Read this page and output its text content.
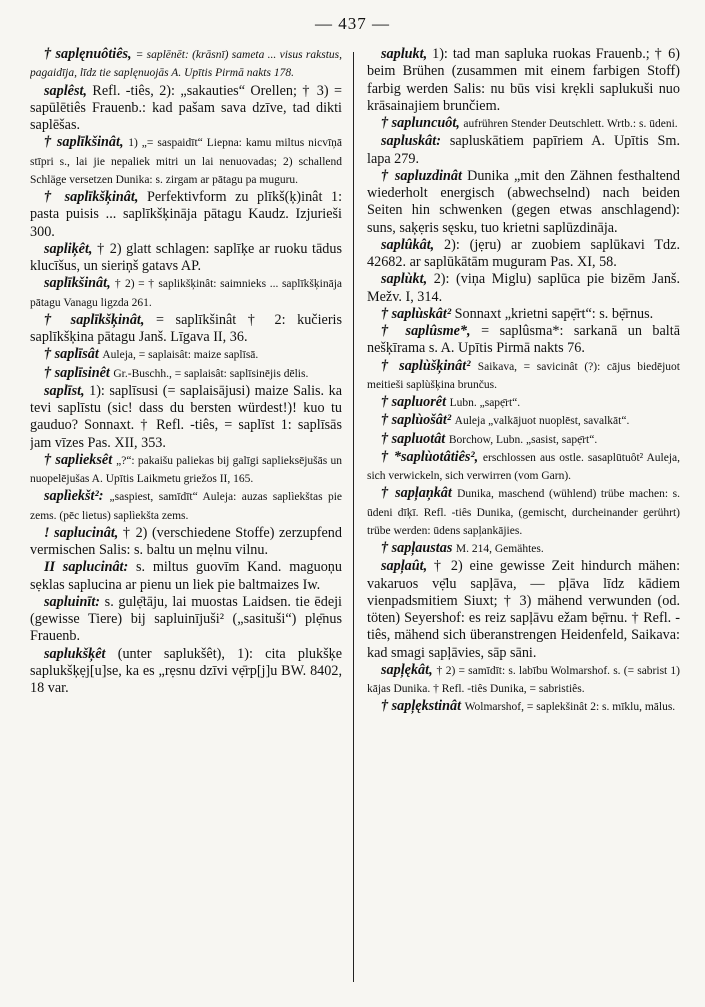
— 437 —

† saplęnuôtiês, = saplēnēt: (krāsnī) sameta ... visus rakstus, pagaidīja, līdz tie saplęnuojās A. Upītis Pirmā nakts 178.

saplêst, Refl. -tiês, 2): „sakauties“ Orellen; † 3) = sapūlētiês Frauenb.: kad pašam sava dzīve, tad dikti saplēšas.

† saplīkšinât, 1) „= saspaidīt“ Liepna: kamu miltus nicvīņā stīpri s., lai jie nepaliek mitri un lai nenuovadas; 2) schallend Schläge versetzen Dunika: s. zirgam ar pātagu pa muguru.

† saplīkšķinât, Perfektivform zu plīkš(ķ)inât 1: pasta puisis ... saplīkšķināja pātagu Kaudz. Izjurieši 300.

sapliķêt, † 2) glatt schlagen: saplīķe ar ruoku tādus klucīšus, un sieriņš gatavs AP.

saplīkšinât, † 2) = † saplikšķinât: saimnieks ... saplīkšķināja pātagu Vanagu ligzda 261.

† saplīkšķinât, = saplīkšinât † 2: kučieris saplīkšķina pātagu Janš. Līgava II, 36.

† saplīsât Auleja, = saplaisât: maize saplīsā.

† saplīsinêt Gr.-Buschh., = saplaisât: saplīsinējis dēlis.

saplīst, 1): saplīsusi (= saplaisājusi) maize Salis. ka tevi saplīstu (sic! dass du bersten würdest!)! kuo tu gauduo? Sonnaxt. † Refl. -tiês, = saplīst 1: saplīsās jam vīzes Pas. XII, 353.

† saplieksêt „?“: pakaišu paliekas bij galīgi saplieksējušās un nuopelējušas A. Upītis Laikmetu griežos II, 165.

saplìekšt²: „saspiest, samīdīt“ Auleja: auzas saplìekštas pie zems. (pēc lietus) saplìekšta zems.

! saplucinât, † 2) (verschiedene Stoffe) zerzupfend vermischen Salis: s. baltu un mẹlnu vilnu.

II saplucinât: s. miltus guovīm Kand. maguoņu sẹklas saplucina ar pienu un liek pie baltmaizes Iw.

sapluinīt: s. gulẹ̄tāju, lai muostas Laidsen. tie ēdeji (gewisse Tiere) bij sapluinījuši² („sasituši“) plẹ̄nus Frauenb.

saplukšķêt (unter saplukšêt), 1): cita plukšķe saplukšķẹj[u]se, ka es „rẹsnu dzīvi vẹ̄rp[j]u BW. 8402, 18 var.

saplukt, 1): tad man sapluka ruokas Frauenb.; † 6) beim Brühen (zusammen mit einem farbigen Stoff) farbig werden Salis: nu būs visi krẹkli saplukuši nuo krāsainajiem brunčiem.

† sapluncuôt, aufrühren Stender Deutschlett. Wrtb.: s. ūdeni.

sapluskât: sapluskātiem papīriem A. Upītis Sm. lapa 279.

† sapluzdinât Dunika „mit den Zähnen festhaltend wiederholt energisch (abwechselnd) nach beiden Seiten hin schwenken (gegen etwas anschlagend): suns, saķẹris sęsku, tuo krietni saplūzdināja.

saplûkât, 2): (jẹru) ar zuobiem saplūkavi Tdz. 42682. ar saplūkātām muguram Pas. XI, 58.

saplùkt, 2): (viņa Miglu) saplūca pie bizēm Janš. Mežv. I, 314.

† saplùskât² Sonnaxt „krietni sapẹ̄rt“: s. bẹ̄rnus.

† saplûsme*, = saplûsma*: sarkanā un baltā nešķīrama s. A. Upītis Pirmā nakts 76.

† saplùšķinât² Saikava, = savicinât (?): cājus biedējuot meitieši saplùšķina brunčus.

† sapluorêt Lubn. „sapẹ̄rt“.

† saplùošât² Auleja „valkājuot nuoplēst, savalkāt“.

† sapluotât Borchow, Lubn. „sasist, sapẹ̄rt“.

† *saplùotâtiês², erschlossen aus ostle. sasaplūtuôt² Auleja, sich verwickeln, sich verwirren (vom Garn).

† sapļaņkât Dunika, maschend (wühlend) trübe machen: s. ūdeni dīķī. Refl. -tiês Dunika, (gemischt, durcheinander gerührt) trübe werden: ūdens sapļankājies.

† sapļaustas M. 214, Gemähtes.

sapļaût, † 2) eine gewisse Zeit hindurch mähen: vakaruos vẹ̄lu sapļāva, — pļāva līdz kādiem vienpadsmitiem Siuxt; † 3) mähend verwunden (od. töten) Seyershof: es reiz sapļāvu ežam bẹ̄rnu. † Refl. -tiês, mähend sich überanstrengen Heidenfeld, Saikava: kad smagi sapļāvies, sāp sāni.

sapļękât, † 2) = samīdīt: s. labību Wolmarshof. s. (= sabrist 1) kājas Dunika. † Refl. -tiês Dunika, = sabristiês.

† sapļękstinât Wolmarshof, = saplekšinât 2: s. mīklu, mālus.
